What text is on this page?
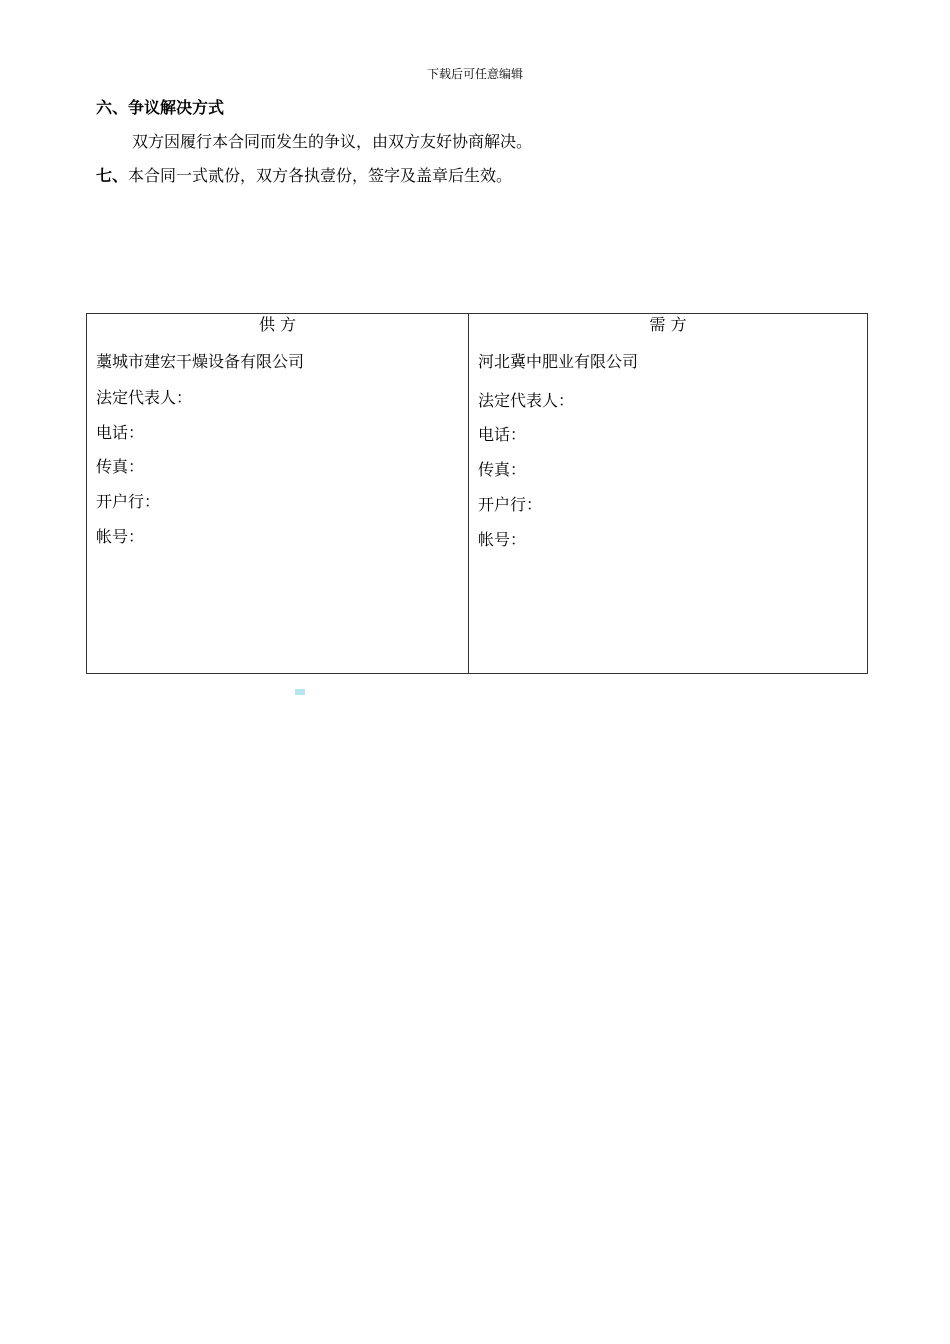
下载后可任意编辑
六、争议解决方式
双方因履行本合同而发生的争议，由双方友好协商解决。
七、本合同一式贰份，双方各执壹份，签字及盖章后生效。
供 方
藁城市建宏干燥设备有限公司
法定代表人：
电话：
传真：
开户行：
帐号：
需 方
河北冀中肥业有限公司
法定代表人：
电话：
传真：
开户行：
帐号：
